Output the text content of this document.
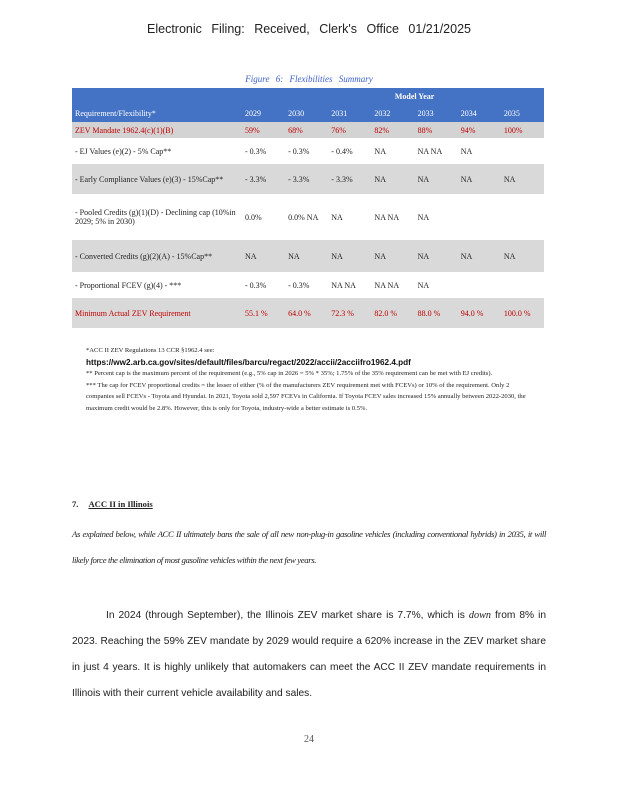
Electronic Filing: Received, Clerk's Office 01/21/2025
Figure 6: Flexibilities Summary
				Model Year			
Requirement/Flexibility*	2029	2030	2031	2032	2033	2034	2035
ZEV Mandate 1962.4(c)(1)(B)	59%	68%	76%	82%	88%	94%	100%
- EJ Values (e)(2) - 5% Cap**	- 0.3%	- 0.3%	- 0.4%	NA	NA NA	NA	
- Early Compliance Values (e)(3) - 15%Cap**	- 3.3%	- 3.3%	- 3.3%	NA	NA	NA	NA
- Pooled Credits (g)(1)(D) - Declining cap (10%in 2029; 5% in 2030)	0.0%	0.0% NA	NA	NA NA	NA		
- Converted Credits (g)(2)(A) - 15%Cap**	NA	NA	NA	NA	NA	NA	NA
- Proportional FCEV (g)(4) - ***	- 0.3%	- 0.3%	NA NA	NA NA	NA		
Minimum Actual ZEV Requirement	55.1 %	64.0 %	72.3 %	82.0 %	88.0 %	94.0 %	100.0 %
*ACC II ZEV Regulations 13 CCR §1962.4 see:
https://ww2.arb.ca.gov/sites/default/files/barcu/regact/2022/accii/2acciifro1962.4.pdf
** Percent cap is the maximum percent of the requirement (e.g., 5% cap in 2026 = 5% * 35%; 1.75% of the 35% requirement can be met with EJ credits).
*** The cap for FCEV proportional credits = the lesser of either (% of the manufacturers ZEV requirement met with FCEVs) or 10% of the requirement. Only 2 companies sell FCEVs - Toyota and Hyundai. In 2021, Toyota sold 2,597 FCEVs in California. If Toyota FCEV sales increased 15% annually between 2022-2030, the maximum credit would be 2.8%. However, this is only for Toyota, industry-wide a better estimate is 0.5%.
7. ACC II in Illinois
As explained below, while ACC II ultimately bans the sale of all new non-plug-in gasoline vehicles (including conventional hybrids) in 2035, it will likely force the elimination of most gasoline vehicles within the next few years.
In 2024 (through September), the Illinois ZEV market share is 7.7%, which is down from 8% in 2023. Reaching the 59% ZEV mandate by 2029 would require a 620% increase in the ZEV market share in just 4 years. It is highly unlikely that automakers can meet the ACC II ZEV mandate requirements in Illinois with their current vehicle availability and sales.
24
